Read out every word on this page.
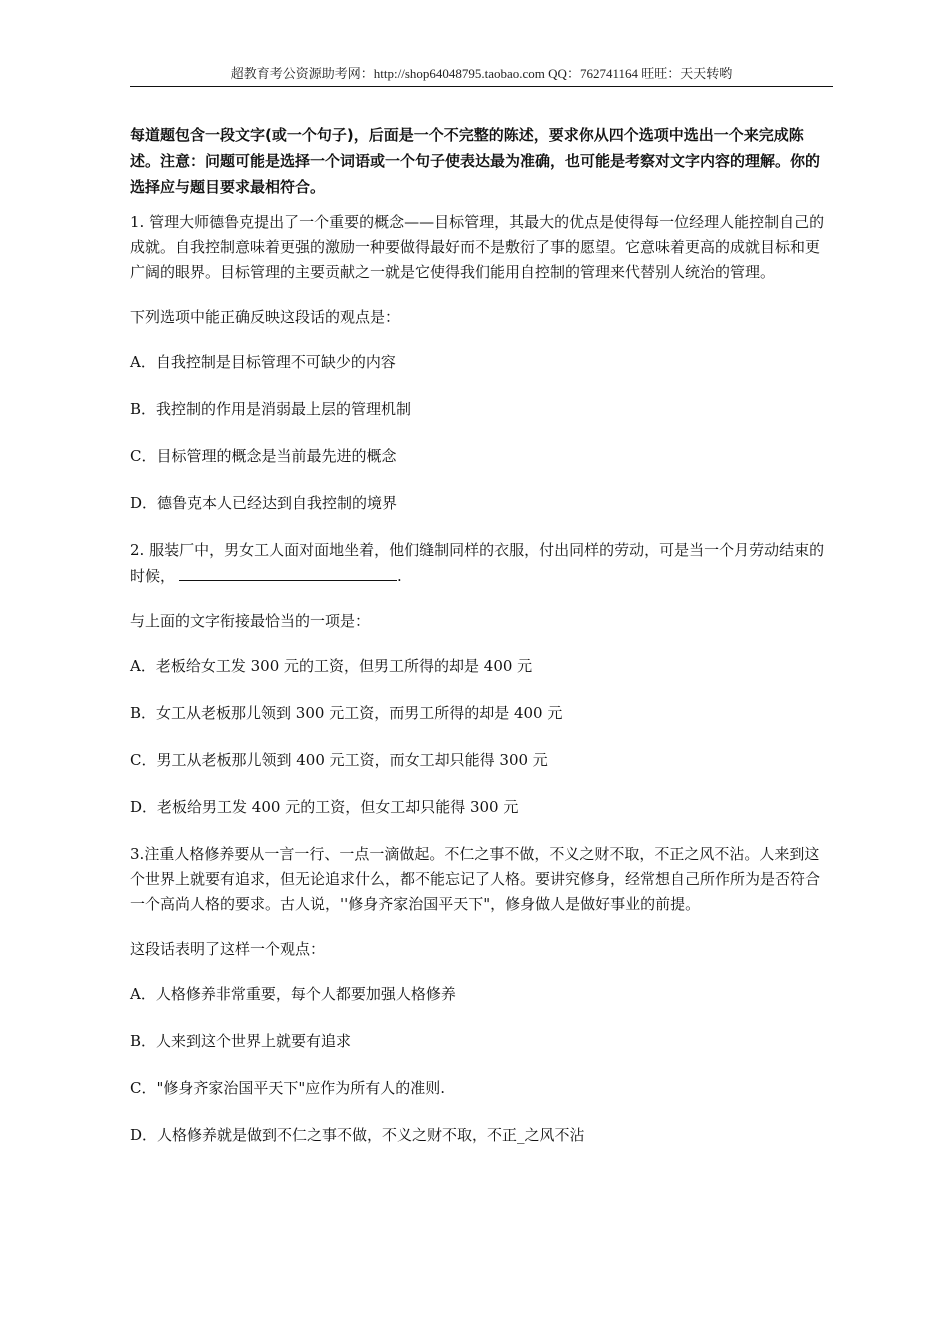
超教育考公资源助考网：http://shop64048795.taobao.com QQ：762741164 旺旺：天天转哟

每道题包含一段文字(或一个句子)，后面是一个不完整的陈述，要求你从四个选项中选出一个来完成陈述。注意：问题可能是选择一个词语或一个句子使表达最为准确，也可能是考察对文字内容的理解。你的选择应与题目要求最相符合。

1. 管理大师德鲁克提出了一个重要的概念——目标管理，其最大的优点是使得每一位经理人能控制自己的成就。自我控制意味着更强的激励一种要做得最好而不是敷衍了事的愿望。它意味着更高的成就目标和更广阔的眼界。目标管理的主要贡献之一就是它使得我们能用自控制的管理来代替别人统治的管理。

下列选项中能正确反映这段话的观点是：

A．自我控制是目标管理不可缺少的内容

B．我控制的作用是消弱最上层的管理机制

C．目标管理的概念是当前最先进的概念

D．德鲁克本人已经达到自我控制的境界

2. 服装厂中，男女工人面对面地坐着，他们缝制同样的衣服，付出同样的劳动，可是当一个月劳动结束的时候，	.

与上面的文字衔接最恰当的一项是：

A．老板给女工发 300 元的工资，但男工所得的却是 400 元

B．女工从老板那儿领到 300 元工资，而男工所得的却是 400 元

C．男工从老板那儿领到 400 元工资，而女工却只能得 300 元

D．老板给男工发 400 元的工资，但女工却只能得 300 元

3.注重人格修养要从一言一行、一点一滴做起。不仁之事不做，不义之财不取，不正之风不沾。人来到这个世界上就要有追求，但无论追求什么，都不能忘记了人格。要讲究修身，经常想自己所作所为是否符合一个高尚人格的要求。古人说，''修身齐家治国平天下"，修身做人是做好事业的前提。

这段话表明了这样一个观点：

A．人格修养非常重要，每个人都要加强人格修养

B．人来到这个世界上就要有追求

C．"修身齐家治国平天下"应作为所有人的准则.

D．人格修养就是做到不仁之事不做，不义之财不取，不正_之风不沾
